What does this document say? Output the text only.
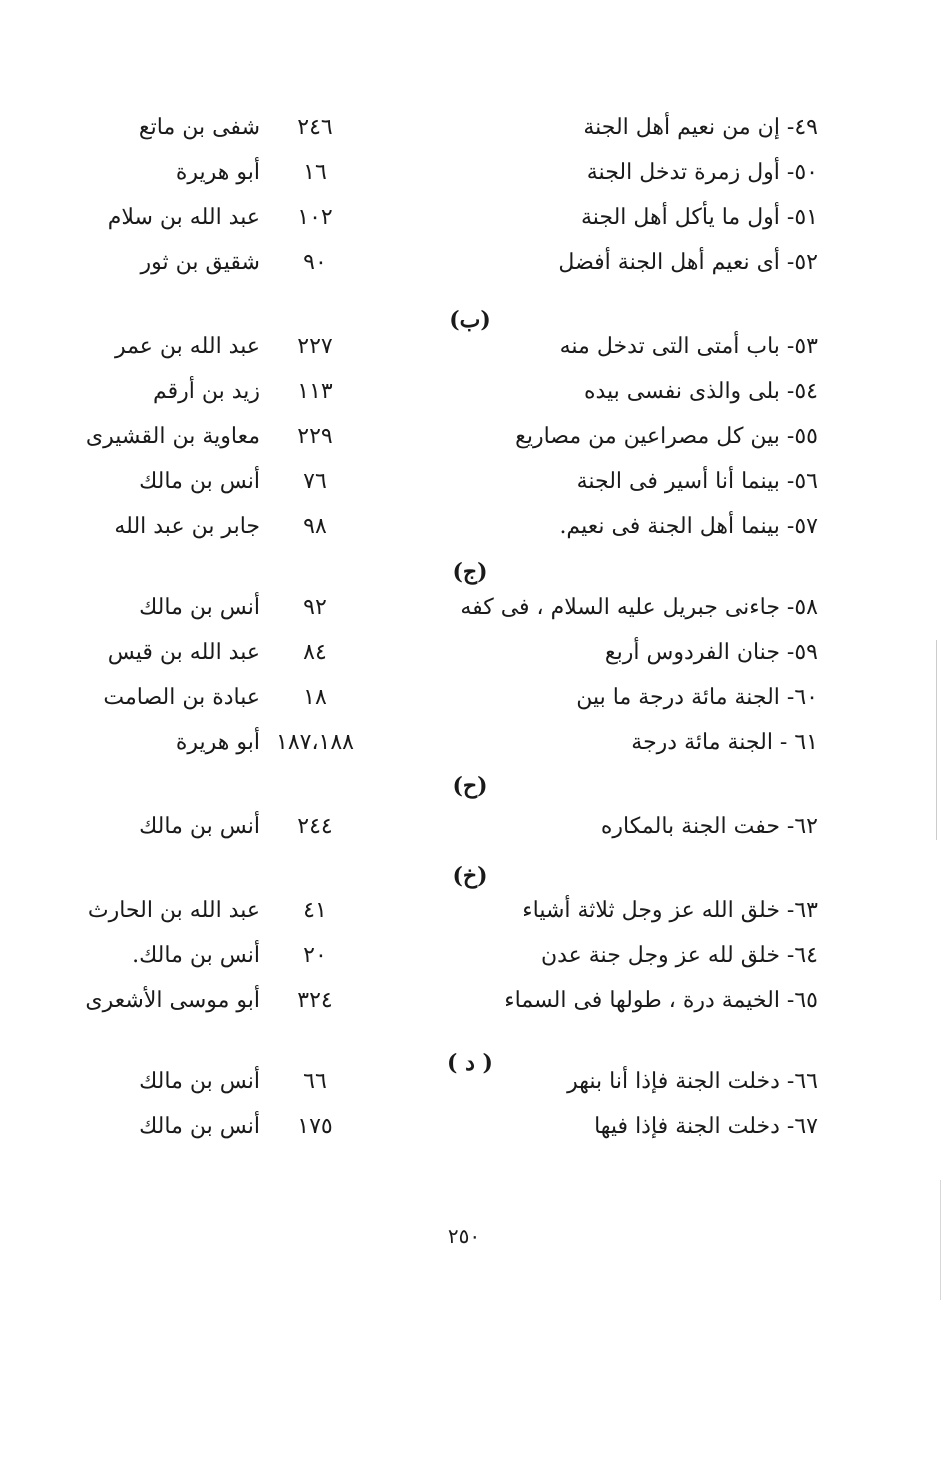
٤٩- إن من نعيم أهل الجنة
٢٤٦
شفى بن ماتع
٥٠- أول زمرة تدخل الجنة
١٦
أبو هريرة
٥١- أول ما يأكل أهل الجنة
١٠٢
عبد الله بن سلام
٥٢- أى نعيم أهل الجنة أفضل
٩٠
شقيق بن ثور
(ب)
٥٣- باب أمتى التى تدخل منه
٢٢٧
عبد الله بن عمر
٥٤- بلى والذى نفسى بيده
١١٣
زيد بن أرقم
٥٥- بين كل مصراعين من مصاريع
٢٢٩
معاوية بن القشيرى
٥٦- بينما أنا أسير فى الجنة
٧٦
أنس بن مالك
٥٧- بينما أهل الجنة فى نعيم.
٩٨
جابر بن عبد الله
(ج)
٥٨- جاءنى جبريل عليه السلام ، فى كفه
٩٢
أنس بن مالك
٥٩- جنان الفردوس أربع
٨٤
عبد الله بن قيس
٦٠- الجنة مائة درجة ما بين
١٨
عبادة بن الصامت
٦١ - الجنة مائة درجة
١٨٧،١٨٨
أبو هريرة
(ح)
٦٢- حفت الجنة بالمكاره
٢٤٤
أنس بن مالك
(خ)
٦٣- خلق الله عز وجل ثلاثة أشياء
٤١
عبد الله بن الحارث
٦٤- خلق لله عز وجل جنة عدن
٢٠
أنس بن مالك.
٦٥- الخيمة درة ، طولها فى السماء
٣٢٤
أبو موسى الأشعرى
( د )
٦٦- دخلت الجنة فإذا أنا بنهر
٦٦
أنس بن مالك
٦٧- دخلت الجنة فإذا فيها
١٧٥
أنس بن مالك
٢٥٠
